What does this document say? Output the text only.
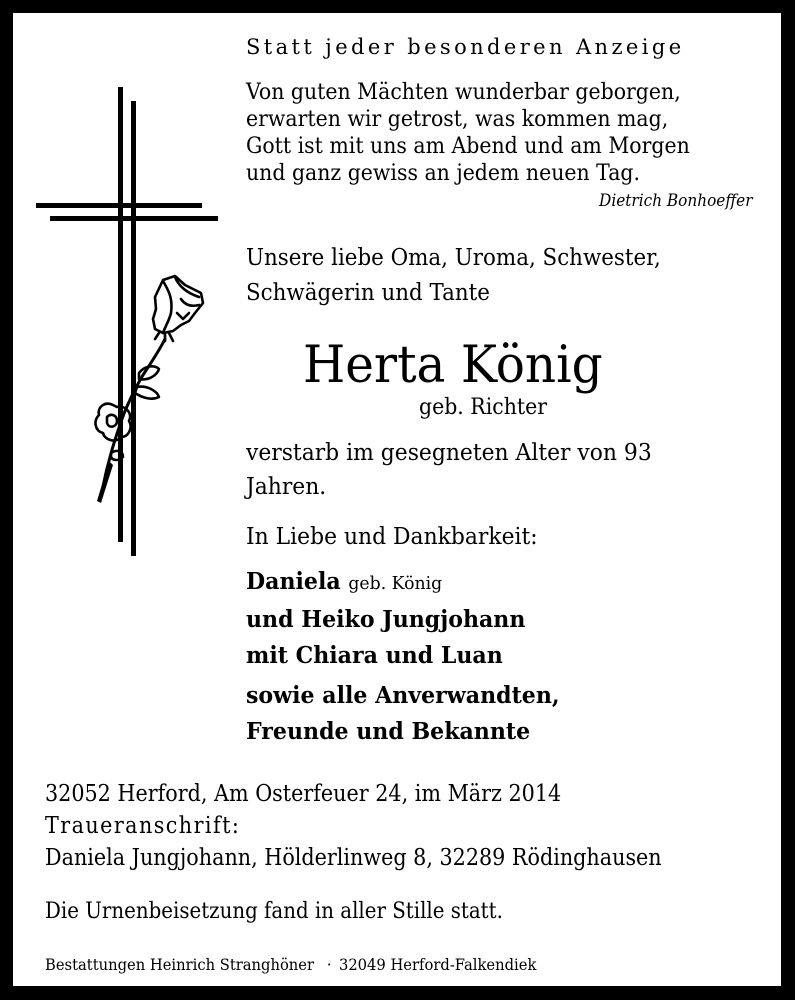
Statt jeder besonderen Anzeige
Von guten Mächten wunderbar geborgen,
erwarten wir getrost, was kommen mag,
Gott ist mit uns am Abend und am Morgen
und ganz gewiss an jedem neuen Tag.
Dietrich Bonhoeffer
Unsere liebe Oma, Uroma, Schwester,
Schwägerin und Tante
Herta König
geb. Richter
verstarb im gesegneten Alter von 93
Jahren.
In Liebe und Dankbarkeit:
Daniela geb. König
und Heiko Jungjohann
mit Chiara und Luan
sowie alle Anverwandten,
Freunde und Bekannte
32052 Herford, Am Osterfeuer 24, im März 2014
Traueranschrift:
Daniela Jungjohann, Hölderlinweg 8, 32289 Rödinghausen
Die Urnenbeisetzung fand in aller Stille statt.
Bestattungen Heinrich Stranghöner · 32049 Herford-Falkendiek
